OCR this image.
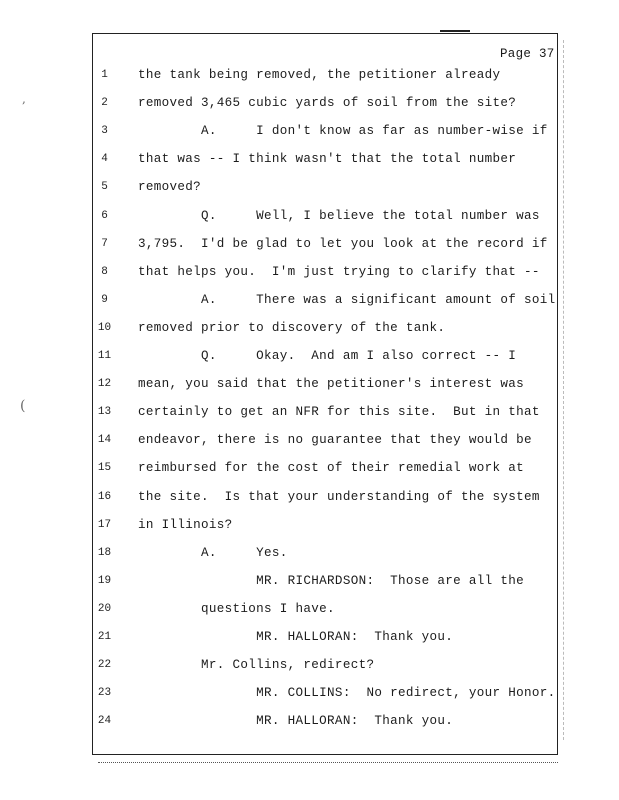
,
(
Page 37
1	the tank being removed, the petitioner already
2	removed 3,465 cubic yards of soil from the site?
3	A.     I don't know as far as number-wise if
4	that was -- I think wasn't that the total number
5	removed?
6	Q.     Well, I believe the total number was
7	3,795.  I'd be glad to let you look at the record if
8	that helps you.  I'm just trying to clarify that --
9	A.     There was a significant amount of soil
10	removed prior to discovery of the tank.
11	Q.     Okay.  And am I also correct -- I
12	mean, you said that the petitioner's interest was
13	certainly to get an NFR for this site.  But in that
14	endeavor, there is no guarantee that they would be
15	reimbursed for the cost of their remedial work at
16	the site.  Is that your understanding of the system
17	in Illinois?
18	A.     Yes.
19	MR. RICHARDSON:  Those are all the
20	questions I have.
21	MR. HALLORAN:  Thank you.
22	Mr. Collins, redirect?
23	MR. COLLINS:  No redirect, your Honor.
24	MR. HALLORAN:  Thank you.
